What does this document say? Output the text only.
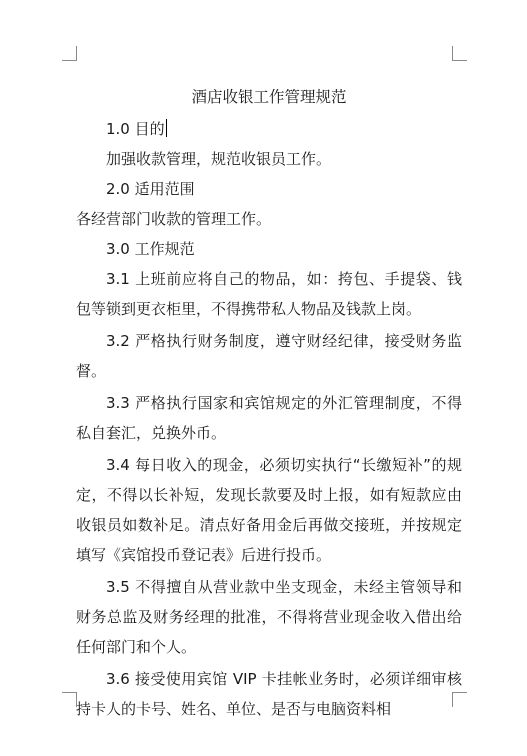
酒店收银工作管理规范
1.0 目的
加强收款管理，规范收银员工作。
2.0 适用范围
各经营部门收款的管理工作。
3.0 工作规范
3.1 上班前应将自己的物品，如：挎包、手提袋、钱包等锁到更衣柜里，不得携带私人物品及钱款上岗。
3.2 严格执行财务制度，遵守财经纪律，接受财务监督。
3.3 严格执行国家和宾馆规定的外汇管理制度，不得私自套汇，兑换外币。
3.4 每日收入的现金，必须切实执行“长缴短补”的规定，不得以长补短，发现长款要及时上报，如有短款应由收银员如数补足。清点好备用金后再做交接班，并按规定填写《宾馆投币登记表》后进行投币。
3.5 不得擅自从营业款中坐支现金，未经主管领导和财务总监及财务经理的批准，不得将营业现金收入借出给任何部门和个人。
3.6 接受使用宾馆 VIP 卡挂帐业务时，必须详细审核持卡人的卡号、姓名、单位、是否与电脑资料相
